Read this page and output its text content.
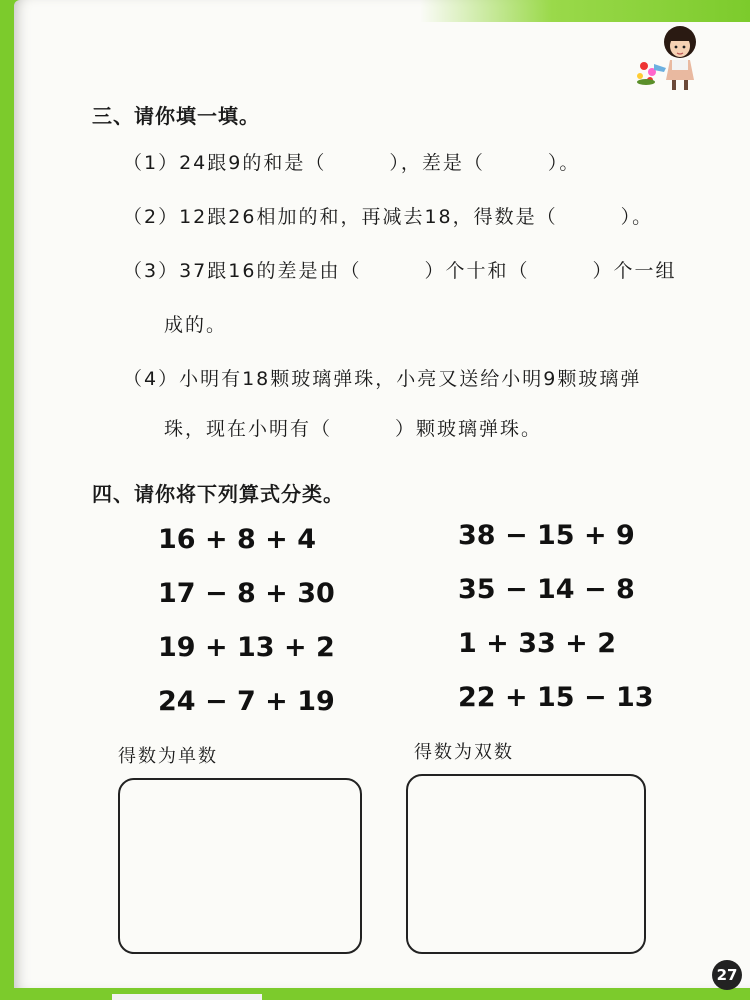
三、请你填一填。
（1）24跟9的和是（　　　），差是（　　　）。
（2）12跟26相加的和，再减去18，得数是（　　　）。
（3）37跟16的差是由（　　　）个十和（　　　）个一组
成的。
（4）小明有18颗玻璃弹珠，小亮又送给小明9颗玻璃弹
珠，现在小明有（　　　）颗玻璃弹珠。
四、请你将下列算式分类。
16 + 8 + 4
17 − 8 + 30
19 + 13 + 2
24 − 7 + 19
38 − 15 + 9
35 − 14 − 8
1 + 33 + 2
22 + 15 − 13
得数为单数	得数为双数
27
